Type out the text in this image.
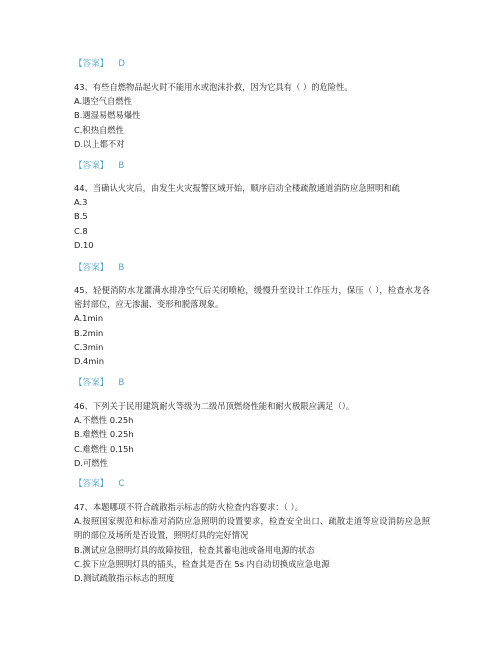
【答案】 D
43、有些自燃物品起火时不能用水或泡沫扑救，因为它具有（ ）的危险性。
A.遇空气自燃性
B.遇湿易燃易爆性
C.积热自燃性
D.以上都不对
【答案】 B
44、当确认火灾后，由发生火灾报警区域开始，顺序启动全楼疏散通道消防应急照明和疏
A.3
B.5
C.8
D.10
【答案】 B
45、轻便消防水龙灌满水排净空气后关闭喷枪，缓慢升至设计工作压力，保压（ ），检查水龙各密封部位，应无渗漏、变形和脱落现象。
A.1min
B.2min
C.3min
D.4min
【答案】 B
46、下列关于民用建筑耐火等级为二级吊顶燃烧性能和耐火极限应满足（）。
A.不燃性 0.25h
B.难燃性 0.25h
C.难燃性 0.15h
D.可燃性
【答案】 C
47、本题哪项不符合疏散指示标志的防火检查内容要求：（ ）。
A.按照国家规范和标准对消防应急照明的设置要求，检查安全出口、疏散走道等应设消防应急照明的部位及场所是否设置，照明灯具的完好情况
B.测试应急照明灯具的故障按钮，检查其蓄电池或备用电源的状态
C.拔下应急照明灯具的插头，检查其是否在 5s 内自动切换成应急电源
D.测试疏散指示标志的照度
